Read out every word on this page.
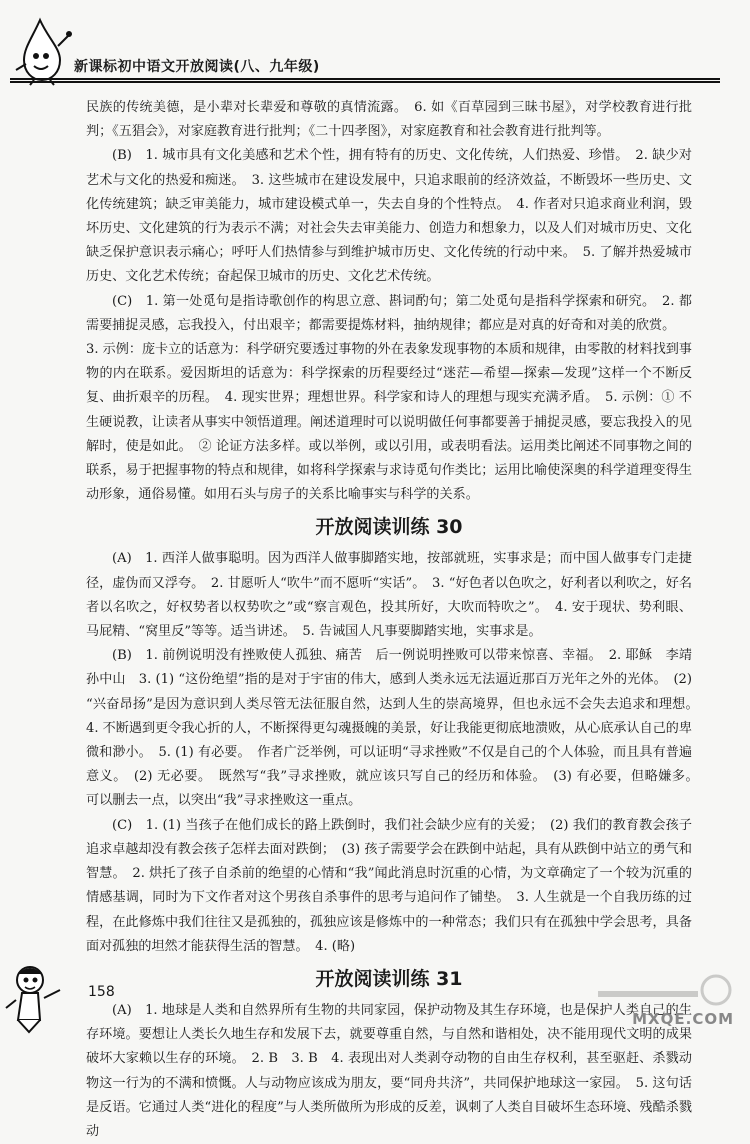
新课标初中语文开放阅读(八、九年级)

民族的传统美德，是小辈对长辈爱和尊敬的真情流露。　6. 如《百草园到三昧书屋》，对学校教育进行批判；《五猖会》，对家庭教育进行批判；《二十四孝图》，对家庭教育和社会教育进行批判等。

(B)　1. 城市具有文化美感和艺术个性，拥有特有的历史、文化传统，人们热爱、珍惜。　2. 缺少对艺术与文化的热爱和痴迷。　3. 这些城市在建设发展中，只追求眼前的经济效益，不断毁坏一些历史、文化传统建筑；缺乏审美能力，城市建设模式单一，失去自身的个性特点。　4. 作者对只追求商业利润，毁坏历史、文化建筑的行为表示不满；对社会失去审美能力、创造力和想象力，以及人们对城市历史、文化缺乏保护意识表示痛心；呼吁人们热情参与到维护城市历史、文化传统的行动中来。　5. 了解并热爱城市历史、文化艺术传统；奋起保卫城市的历史、文化艺术传统。

(C)　1. 第一处觅句是指诗歌创作的构思立意、斟词酌句；第二处觅句是指科学探索和研究。　2. 都需要捕捉灵感，忘我投入，付出艰辛；都需要提炼材料，抽纳规律；都应是对真的好奇和对美的欣赏。

3. 示例：庞卡立的话意为：科学研究要透过事物的外在表象发现事物的本质和规律，由零散的材料找到事物的内在联系。爱因斯坦的话意为：科学探索的历程要经过“迷茫—希望—探索—发现”这样一个不断反复、曲折艰辛的历程。　4. 现实世界；理想世界。科学家和诗人的理想与现实充满矛盾。　5. 示例：① 不生硬说教，让读者从事实中领悟道理。阐述道理时可以说明做任何事都要善于捕捉灵感，要忘我投入的见解时，使是如此。　② 论证方法多样。或以举例，或以引用，或表明看法。运用类比阐述不同事物之间的联系，易于把握事物的特点和规律，如将科学探索与求诗觅句作类比；运用比喻使深奥的科学道理变得生动形象，通俗易懂。如用石头与房子的关系比喻事实与科学的关系。

开放阅读训练 30

(A)　1. 西洋人做事聪明。因为西洋人做事脚踏实地，按部就班，实事求是；而中国人做事专门走捷径，虚伪而又浮夸。　2. 甘愿听人“吹牛”而不愿听“实话”。　3. “好色者以色吹之，好利者以利吹之，好名者以名吹之，好权势者以权势吹之”或“察言观色，投其所好，大吹而特吹之”。　4. 安于现状、势利眼、马屁精、“窝里反”等等。适当讲述。　5. 告诫国人凡事要脚踏实地，实事求是。

(B)　1. 前例说明没有挫败使人孤独、痛苦　后一例说明挫败可以带来惊喜、幸福。　2. 耶稣　李靖　孙中山　3. (1) “这份绝望”指的是对于宇宙的伟大，感到人类永远无法逼近那百万光年之外的光体。　(2) “兴奋昂扬”是因为意识到人类尽管无法征服自然，达到人生的崇高境界，但也永远不会失去追求和理想。　4. 不断遇到更令我心折的人，不断探得更勾魂摄魄的美景，好让我能更彻底地溃败，从心底承认自己的卑微和渺小。　5. (1) 有必要。　作者广泛举例，可以证明“寻求挫败”不仅是自己的个人体验，而且具有普遍意义。　(2) 无必要。　既然写“我”寻求挫败，就应该只写自己的经历和体验。　(3) 有必要，但略嫌多。　可以删去一点，以突出“我”寻求挫败这一重点。

(C)　1. (1) 当孩子在他们成长的路上跌倒时，我们社会缺少应有的关爱；　(2) 我们的教育教会孩子追求卓越却没有教会孩子怎样去面对跌倒；　(3) 孩子需要学会在跌倒中站起，具有从跌倒中站立的勇气和智慧。　2. 烘托了孩子自杀前的绝望的心情和“我”闻此消息时沉重的心情，为文章确定了一个较为沉重的情感基调，同时为下文作者对这个男孩自杀事件的思考与追问作了铺垫。　3. 人生就是一个自我历练的过程，在此修炼中我们往往又是孤独的，孤独应该是修炼中的一种常态；我们只有在孤独中学会思考，具备面对孤独的坦然才能获得生活的智慧。　4. (略)

开放阅读训练 31

(A)　1. 地球是人类和自然界所有生物的共同家园，保护动物及其生存环境，也是保护人类自己的生存环境。要想让人类长久地生存和发展下去，就要尊重自然，与自然和谐相处，决不能用现代文明的成果破坏大家赖以生存的环境。　2. B　3. B　4. 表现出对人类剥夺动物的自由生存权利，甚至驱赶、杀戮动物这一行为的不满和愤慨。人与动物应该成为朋友，要“同舟共济”，共同保护地球这一家园。　5. 这句话是反语。它通过人类“进化的程度”与人类所做所为形成的反差，讽刺了人类自目破坏生态环境、残酷杀戮动

158
MXQE.COM
